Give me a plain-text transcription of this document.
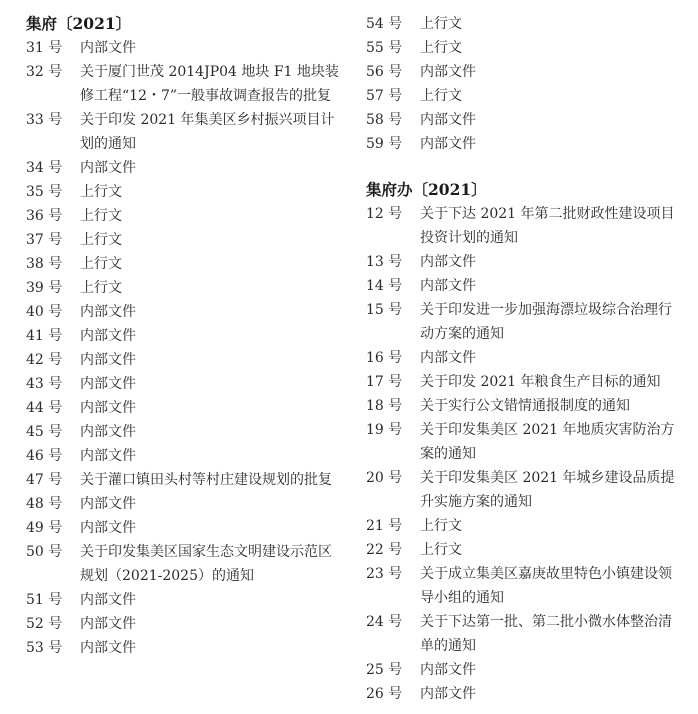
集府〔2021〕
31 号	内部文件
32 号	关于厦门世茂 2014JP04 地块 F1 地块装修工程“12・7”一般事故调查报告的批复
33 号	关于印发 2021 年集美区乡村振兴项目计划的通知
34 号	内部文件
35 号	上行文
36 号	上行文
37 号	上行文
38 号	上行文
39 号	上行文
40 号	内部文件
41 号	内部文件
42 号	内部文件
43 号	内部文件
44 号	内部文件
45 号	内部文件
46 号	内部文件
47 号	关于灌口镇田头村等村庄建设规划的批复
48 号	内部文件
49 号	内部文件
50 号	关于印发集美区国家生态文明建设示范区规划（2021-2025）的通知
51 号	内部文件
52 号	内部文件
53 号	内部文件
54 号	上行文
55 号	上行文
56 号	内部文件
57 号	上行文
58 号	内部文件
59 号	内部文件
集府办〔2021〕
12 号	关于下达 2021 年第二批财政性建设项目投资计划的通知
13 号	内部文件
14 号	内部文件
15 号	关于印发进一步加强海漂垃圾综合治理行动方案的通知
16 号	内部文件
17 号	关于印发 2021 年粮食生产目标的通知
18 号	关于实行公文错情通报制度的通知
19 号	关于印发集美区 2021 年地质灾害防治方案的通知
20 号	关于印发集美区 2021 年城乡建设品质提升实施方案的通知
21 号	上行文
22 号	上行文
23 号	关于成立集美区嘉庚故里特色小镇建设领导小组的通知
24 号	关于下达第一批、第二批小微水体整治清单的通知
25 号	内部文件
26 号	内部文件
